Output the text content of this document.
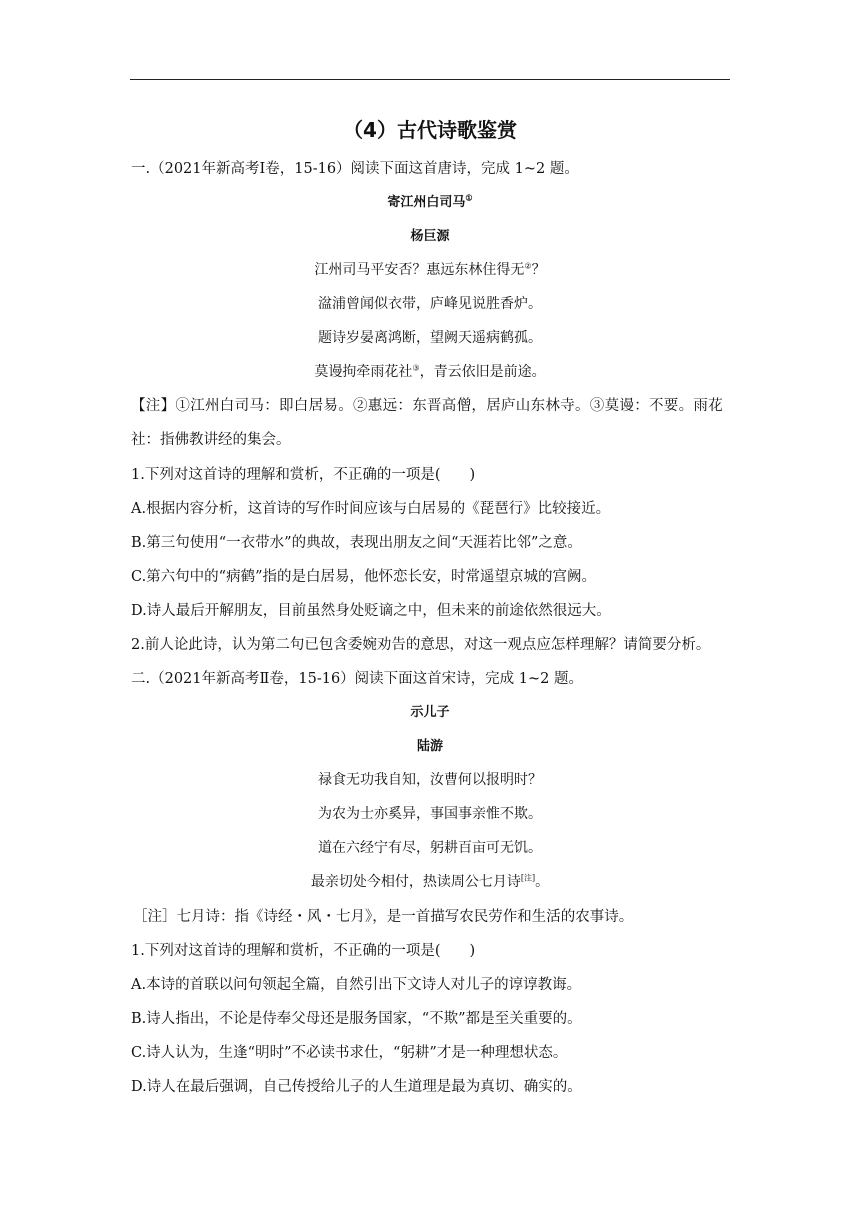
（4）古代诗歌鉴赏
一.（2021年新高考Ⅰ卷，15-16）阅读下面这首唐诗，完成 1~2 题。
寄江州白司马①
杨巨源
江州司马平安否？惠远东林住得无②？
湓浦曾闻似衣带，庐峰见说胜香炉。
题诗岁晏离鸿断，望阙天遥病鹤孤。
莫谩拘牵雨花社③，青云依旧是前途。
【注】①江州白司马：即白居易。②惠远：东晋高僧，居庐山东林寺。③莫谩：不要。雨花
社：指佛教讲经的集会。
1.下列对这首诗的理解和赏析，不正确的一项是(　　)
A.根据内容分析，这首诗的写作时间应该与白居易的《琵琶行》比较接近。
B.第三句使用“一衣带水”的典故，表现出朋友之间“天涯若比邻”之意。
C.第六句中的“病鹤”指的是白居易，他怀恋长安，时常遥望京城的宫阙。
D.诗人最后开解朋友，目前虽然身处贬谪之中，但未来的前途依然很远大。
2.前人论此诗，认为第二句已包含委婉劝告的意思，对这一观点应怎样理解？请简要分析。
二.（2021年新高考Ⅱ卷，15-16）阅读下面这首宋诗，完成 1~2 题。
示儿子
陆游
禄食无功我自知，汝曹何以报明时？
为农为士亦奚异，事国事亲惟不欺。
道在六经宁有尽，躬耕百亩可无饥。
最亲切处今相付，热读周公七月诗[注]。
［注］七月诗：指《诗经・风・七月》，是一首描写农民劳作和生活的农事诗。
1.下列对这首诗的理解和赏析，不正确的一项是(　　)
A.本诗的首联以问句领起全篇，自然引出下文诗人对儿子的谆谆教诲。
B.诗人指出，不论是侍奉父母还是服务国家，“不欺”都是至关重要的。
C.诗人认为，生逢“明时”不必读书求仕，“躬耕”才是一种理想状态。
D.诗人在最后强调，自己传授给儿子的人生道理是最为真切、确实的。
